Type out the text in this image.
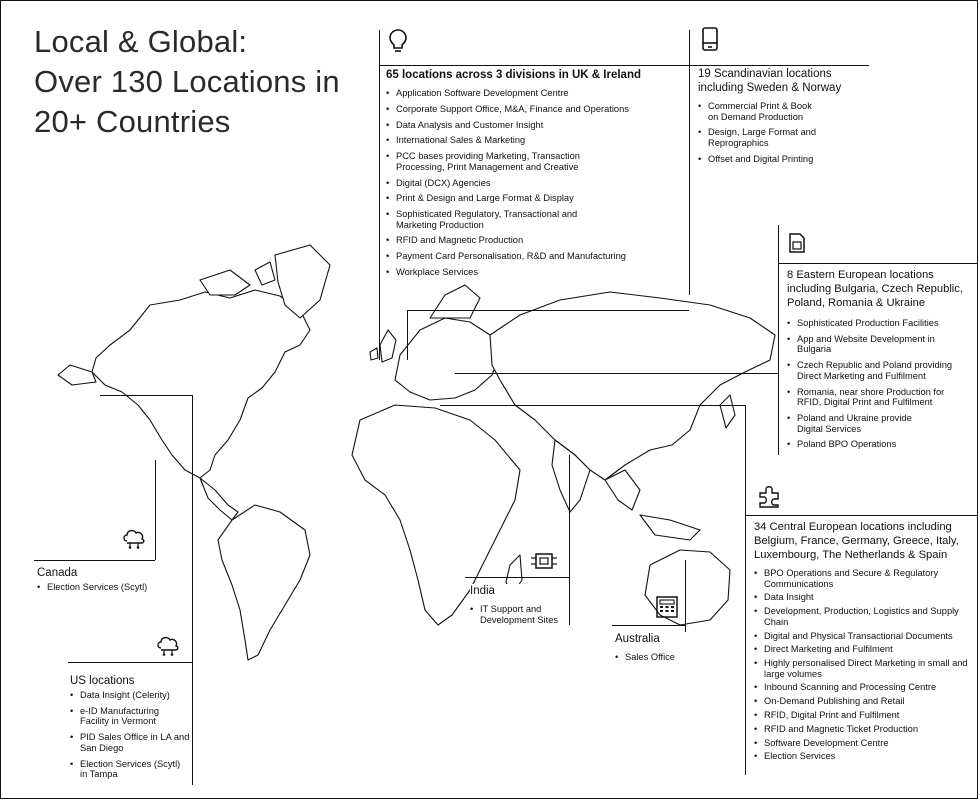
Local & Global:
Over 130 Locations in
20+ Countries
65 locations across 3 divisions in UK & Ireland
• Application Software Development Centre
• Corporate Support Office, M&A, Finance and Operations
• Data Analysis and Customer Insight
• International Sales & Marketing
• PCC bases providing Marketing, Transaction Processing, Print Management and Creative
• Digital (DCX) Agencies
• Print & Design and Large Format & Display
• Sophisticated Regulatory, Transactional and Marketing Production
• RFID and Magnetic Production
• Payment Card Personalisation, R&D and Manufacturing
• Workplace Services
19 Scandinavian locations including Sweden & Norway
• Commercial Print & Book on Demand Production
• Design, Large Format and Reprographics
• Offset and Digital Printing
8 Eastern European locations including Bulgaria, Czech Republic, Poland, Romania & Ukraine
• Sophisticated Production Facilities
• App and Website Development in Bulgaria
• Czech Republic and Poland providing Direct Marketing and Fulfilment
• Romania, near shore Production for RFID, Digital Print and Fulfilment
• Poland and Ukraine provide Digital Services
• Poland BPO Operations
34 Central European locations including Belgium, France, Germany, Greece, Italy, Luxembourg, The Netherlands & Spain
• BPO Operations and Secure & Regulatory Communications
• Data Insight
• Development, Production, Logistics and Supply Chain
• Digital and Physical Transactional Documents
• Direct Marketing and Fulfilment
• Highly personalised Direct Marketing in small and large volumes
• Inbound Scanning and Processing Centre
• On-Demand Publishing and Retail
• RFID, Digital Print and Fulfilment
• RFID and Magnetic Ticket Production
• Software Development Centre
• Election Services
India
• IT Support and Development Sites
Australia
• Sales Office
Canada
• Election Services (Scytl)
US locations
• Data Insight (Celerity)
• e-ID Manufacturing Facility in Vermont
• PID Sales Office in LA and San Diego
• Election Services (Scytl) in Tampa
